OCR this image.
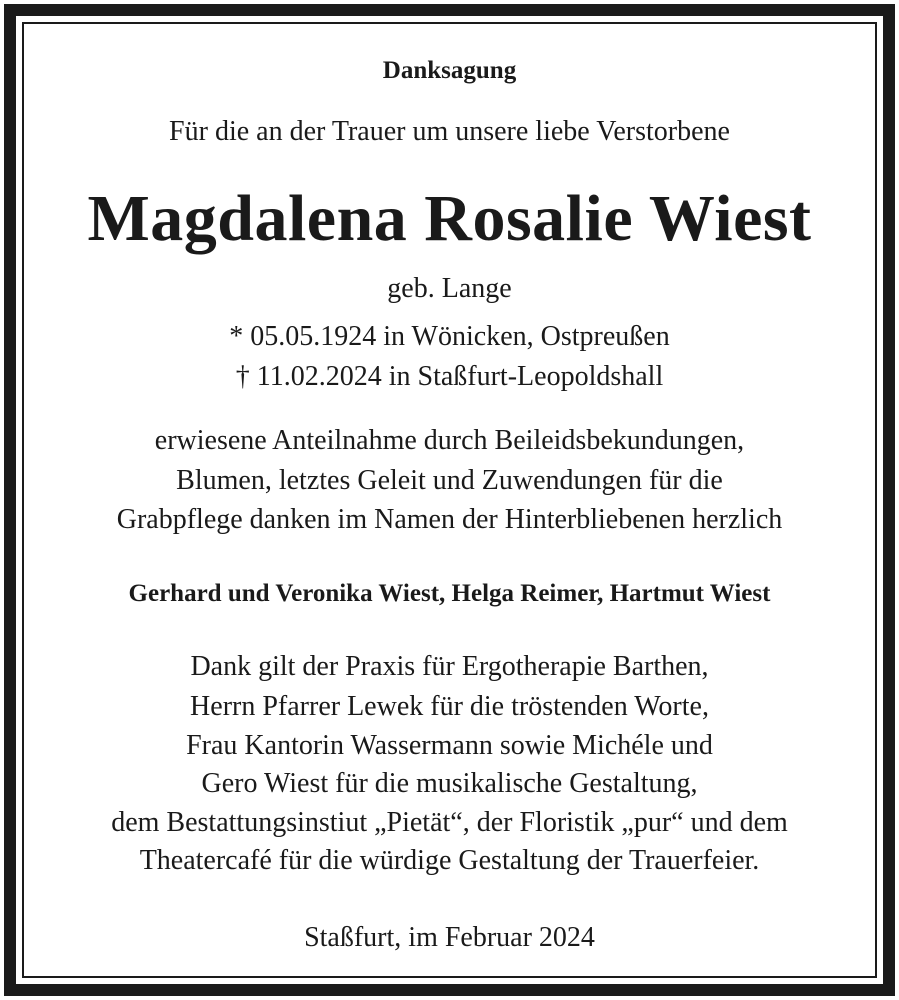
Danksagung
Für die an der Trauer um unsere liebe Verstorbene
Magdalena Rosalie Wiest
geb. Lange
* 05.05.1924 in Wönicken, Ostpreußen
† 11.02.2024 in Staßfurt-Leopoldshall
erwiesene Anteilnahme durch Beileidsbekundungen,
Blumen, letztes Geleit und Zuwendungen für die
Grabpflege danken im Namen der Hinterbliebenen herzlich
Gerhard und Veronika Wiest, Helga Reimer, Hartmut Wiest
Dank gilt der Praxis für Ergotherapie Barthen,
Herrn Pfarrer Lewek für die tröstenden Worte,
Frau Kantorin Wassermann sowie Michéle und
Gero Wiest für die musikalische Gestaltung,
dem Bestattungsinstiut „Pietät“, der Floristik „pur“ und dem
Theatercafé für die würdige Gestaltung der Trauerfeier.
Staßfurt, im Februar 2024
